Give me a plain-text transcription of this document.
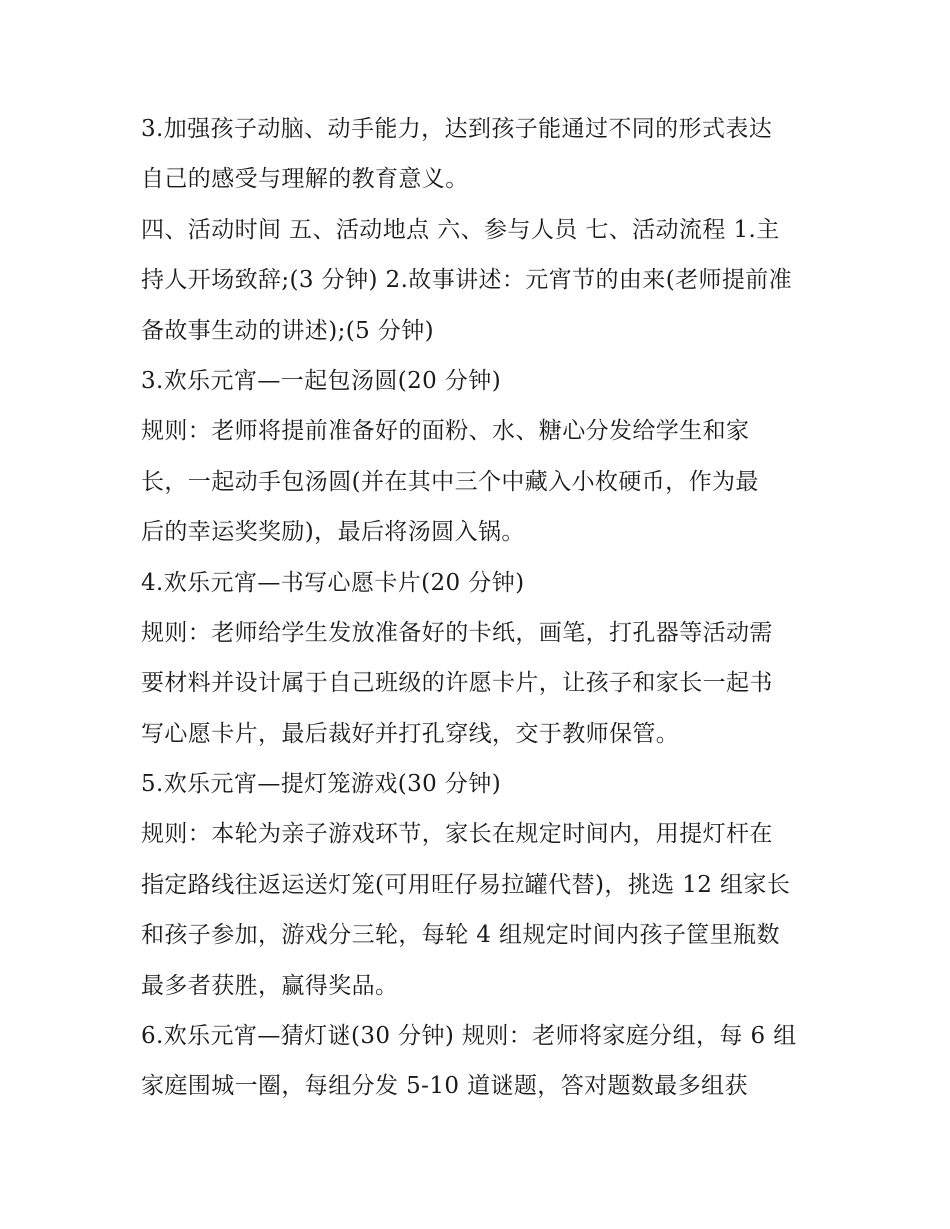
3.加强孩子动脑、动手能力，达到孩子能通过不同的形式表达
自己的感受与理解的教育意义。
四、活动时间 五、活动地点 六、参与人员 七、活动流程 1.主
持人开场致辞;(3 分钟) 2.故事讲述：元宵节的由来(老师提前准
备故事生动的讲述);(5 分钟)
3.欢乐元宵—一起包汤圆(20 分钟)
规则：老师将提前准备好的面粉、水、糖心分发给学生和家
长，一起动手包汤圆(并在其中三个中藏入小枚硬币，作为最
后的幸运奖奖励)，最后将汤圆入锅。
4.欢乐元宵—书写心愿卡片(20 分钟)
规则：老师给学生发放准备好的卡纸，画笔，打孔器等活动需
要材料并设计属于自己班级的许愿卡片，让孩子和家长一起书
写心愿卡片，最后裁好并打孔穿线，交于教师保管。
5.欢乐元宵—提灯笼游戏(30 分钟)
规则：本轮为亲子游戏环节，家长在规定时间内，用提灯杆在
指定路线往返运送灯笼(可用旺仔易拉罐代替)，挑选 12 组家长
和孩子参加，游戏分三轮，每轮 4 组规定时间内孩子筐里瓶数
最多者获胜，赢得奖品。
6.欢乐元宵—猜灯谜(30 分钟) 规则：老师将家庭分组，每 6 组
家庭围城一圈，每组分发 5-10 道谜题，答对题数最多组获
